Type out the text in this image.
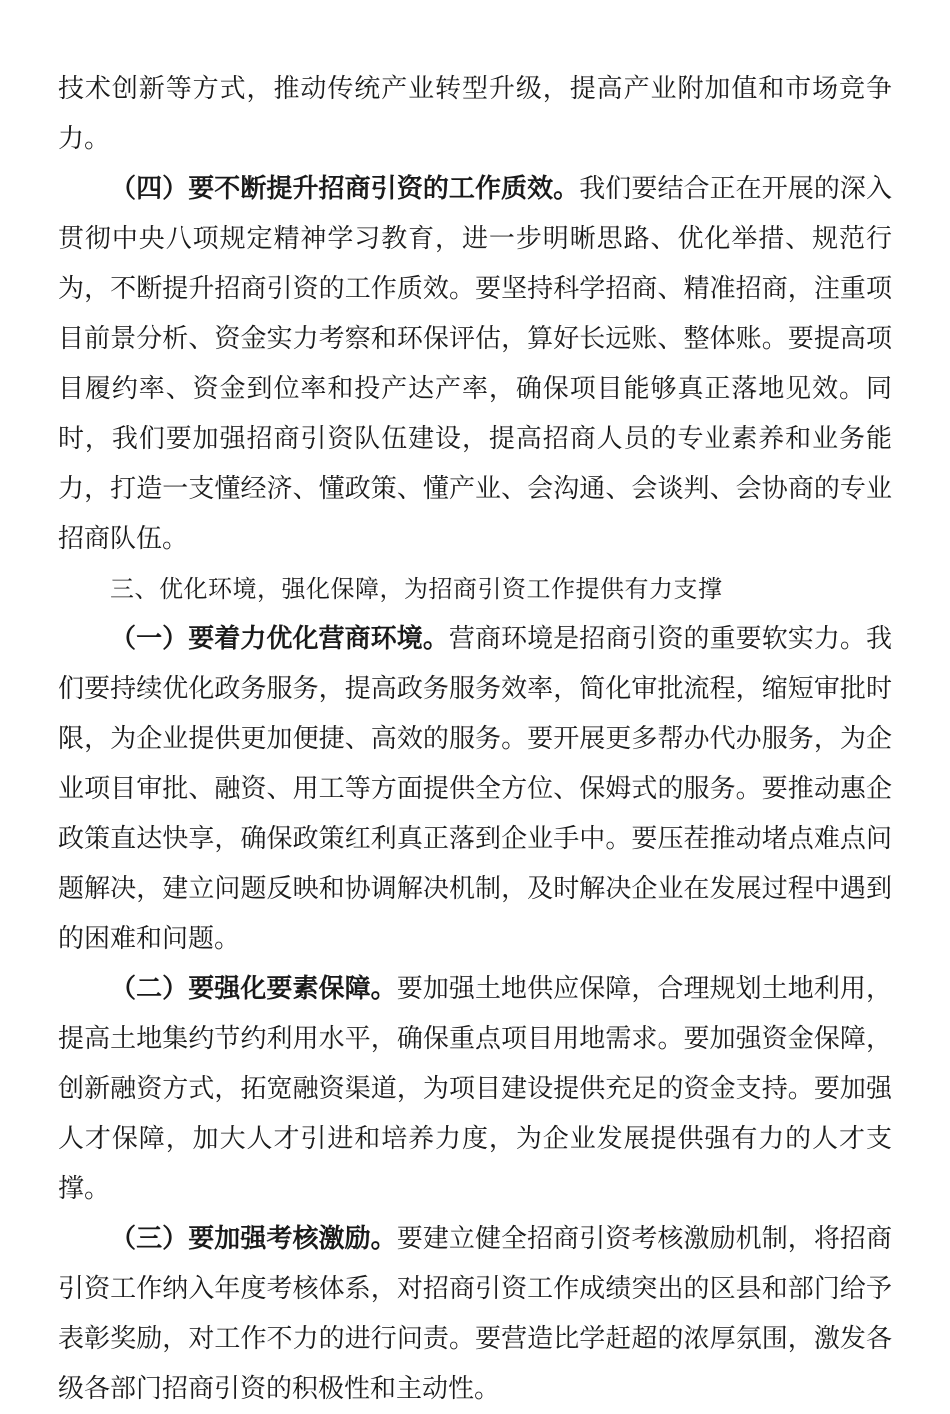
技术创新等方式，推动传统产业转型升级，提高产业附加值和市场竞争力。

（四）要不断提升招商引资的工作质效。我们要结合正在开展的深入贯彻中央八项规定精神学习教育，进一步明晰思路、优化举措、规范行为，不断提升招商引资的工作质效。要坚持科学招商、精准招商，注重项目前景分析、资金实力考察和环保评估，算好长远账、整体账。要提高项目履约率、资金到位率和投产达产率，确保项目能够真正落地见效。同时，我们要加强招商引资队伍建设，提高招商人员的专业素养和业务能力，打造一支懂经济、懂政策、懂产业、会沟通、会谈判、会协商的专业招商队伍。

三、优化环境，强化保障，为招商引资工作提供有力支撑

（一）要着力优化营商环境。营商环境是招商引资的重要软实力。我们要持续优化政务服务，提高政务服务效率，简化审批流程，缩短审批时限，为企业提供更加便捷、高效的服务。要开展更多帮办代办服务，为企业项目审批、融资、用工等方面提供全方位、保姆式的服务。要推动惠企政策直达快享，确保政策红利真正落到企业手中。要压茬推动堵点难点问题解决，建立问题反映和协调解决机制，及时解决企业在发展过程中遇到的困难和问题。

（二）要强化要素保障。要加强土地供应保障，合理规划土地利用，提高土地集约节约利用水平，确保重点项目用地需求。要加强资金保障，创新融资方式，拓宽融资渠道，为项目建设提供充足的资金支持。要加强人才保障，加大人才引进和培养力度，为企业发展提供强有力的人才支撑。

（三）要加强考核激励。要建立健全招商引资考核激励机制，将招商引资工作纳入年度考核体系，对招商引资工作成绩突出的区县和部门给予表彰奖励，对工作不力的进行问责。要营造比学赶超的浓厚氛围，激发各级各部门招商引资的积极性和主动性。
